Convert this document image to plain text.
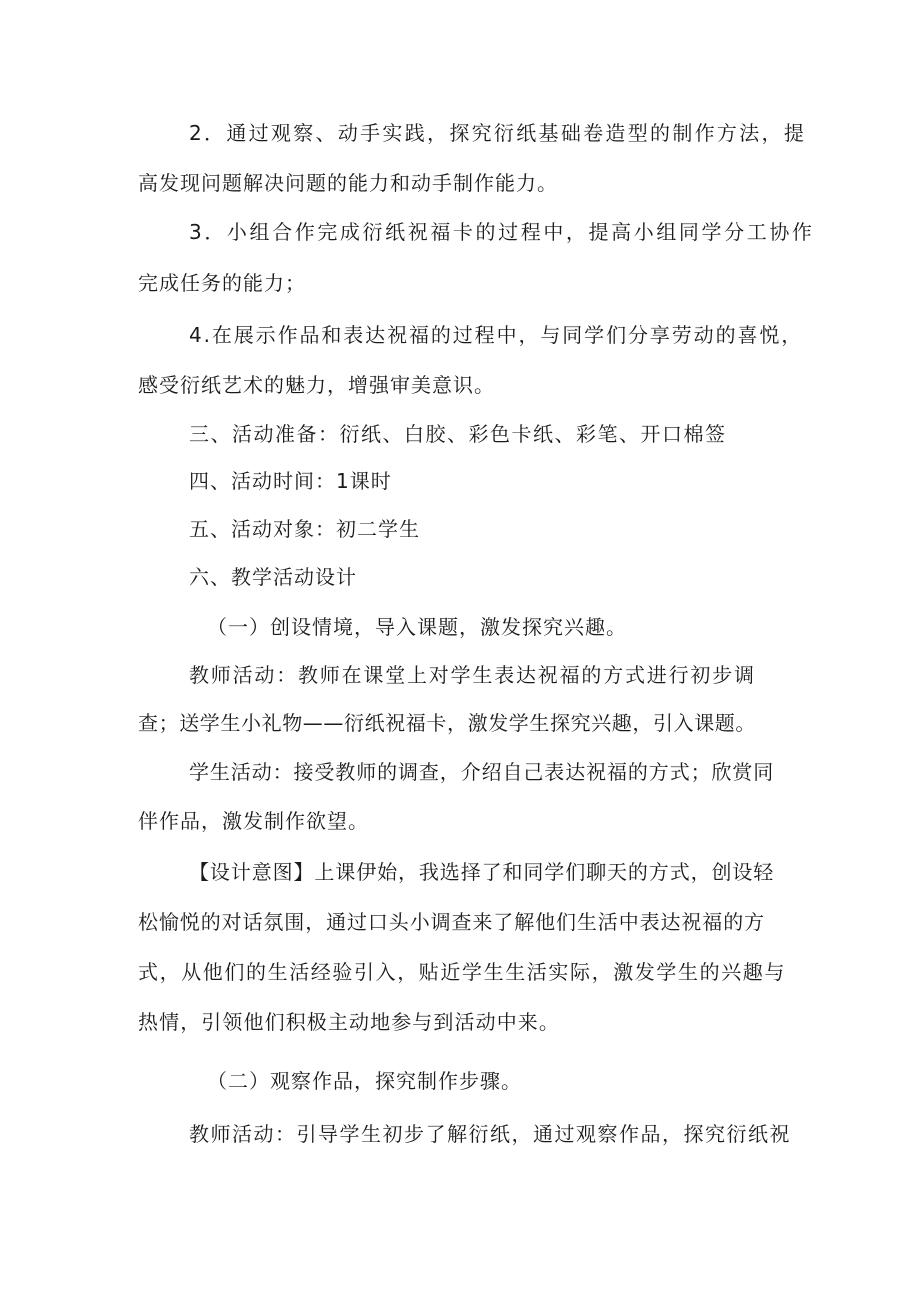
2．通过观察、动手实践，探究衍纸基础卷造型的制作方法，提
高发现问题解决问题的能力和动手制作能力。
3．小组合作完成衍纸祝福卡的过程中，提高小组同学分工协作
完成任务的能力；
4.在展示作品和表达祝福的过程中，与同学们分享劳动的喜悦，
感受衍纸艺术的魅力，增强审美意识。
三、活动准备：衍纸、白胶、彩色卡纸、彩笔、开口棉签
四、活动时间：1课时
五、活动对象：初二学生
六、教学活动设计
（一）创设情境，导入课题，激发探究兴趣。
教师活动：教师在课堂上对学生表达祝福的方式进行初步调
查；送学生小礼物——衍纸祝福卡，激发学生探究兴趣，引入课题。
学生活动：接受教师的调查，介绍自己表达祝福的方式；欣赏同
伴作品，激发制作欲望。
【设计意图】上课伊始，我选择了和同学们聊天的方式，创设轻
松愉悦的对话氛围，通过口头小调查来了解他们生活中表达祝福的方
式，从他们的生活经验引入，贴近学生生活实际，激发学生的兴趣与
热情，引领他们积极主动地参与到活动中来。
（二）观察作品，探究制作步骤。
教师活动：引导学生初步了解衍纸，通过观察作品，探究衍纸祝
